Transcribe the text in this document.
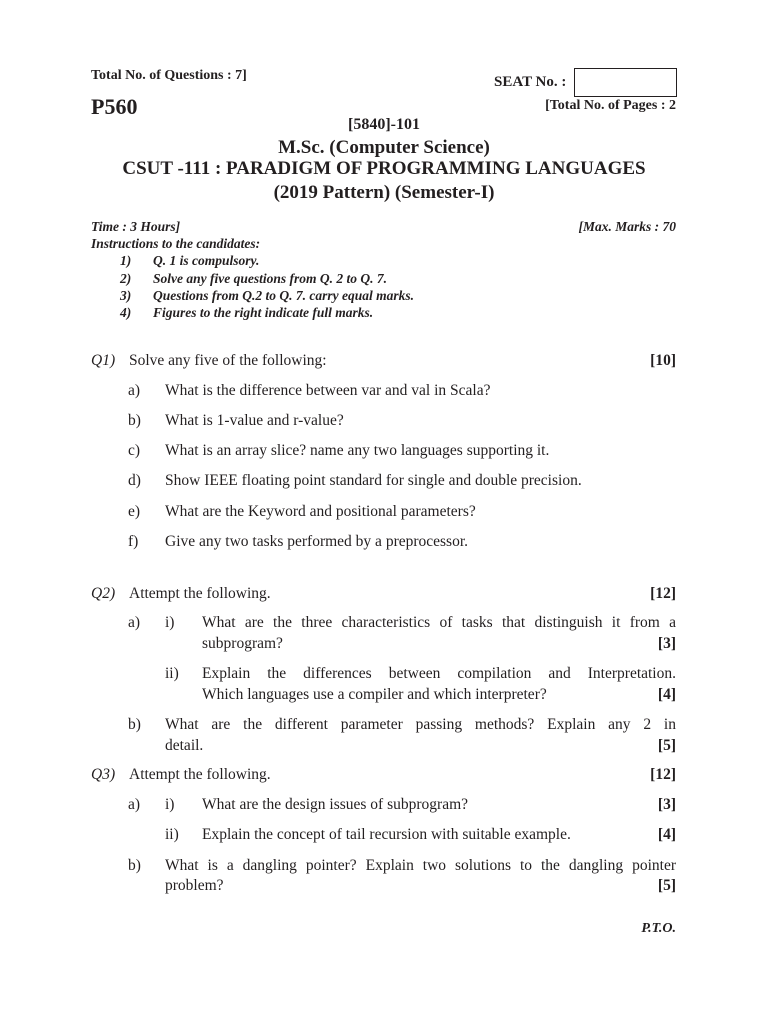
Total No. of Questions : 7]	SEAT No. :
P560	[Total No. of Pages : 2
[5840]-101
M.Sc. (Computer Science)
CSUT -111 : PARADIGM OF PROGRAMMING LANGUAGES
(2019 Pattern) (Semester-I)
Time : 3 Hours]	[Max. Marks : 70
Instructions to the candidates:
1) Q. 1 is compulsory.
2) Solve any five questions from Q. 2 to Q. 7.
3) Questions from Q.2 to Q. 7. carry equal marks.
4) Figures to the right indicate full marks.
Q1) Solve any five of the following:	[10]
a) What is the difference between var and val in Scala?
b) What is 1-value and r-value?
c) What is an array slice? name any two languages supporting it.
d) Show IEEE floating point standard for single and double precision.
e) What are the Keyword and positional parameters?
f) Give any two tasks performed by a preprocessor.
Q2) Attempt the following.	[12]
a) i) What are the three characteristics of tasks that distinguish it from a
subprogram?	[3]
ii) Explain the differences between compilation and Interpretation.
Which languages use a compiler and which interpreter?	[4]
b) What are the different parameter passing methods? Explain any 2 in
detail.	[5]
Q3) Attempt the following.	[12]
a) i) What are the design issues of subprogram?	[3]
ii) Explain the concept of tail recursion with suitable example.	[4]
b) What is a dangling pointer? Explain two solutions to the dangling pointer
problem?	[5]
P.T.O.
